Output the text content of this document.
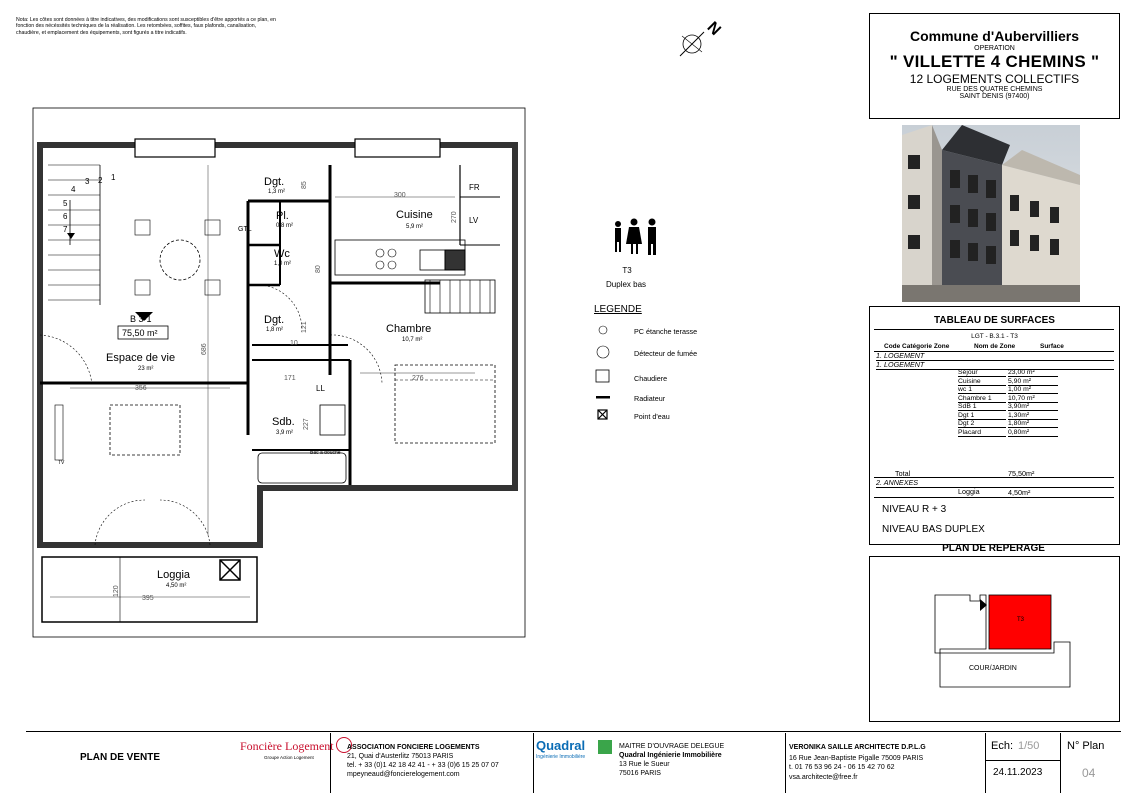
Nota: Les côtes sont données à titre indicatives, des modifications sont susceptibles d'être apportés a ce plan, en fonction des nécéssités techniques de la réalisation. Les retombées, soffites, faux plafonds, canalisation, chaudière, et emplacement des équipements, sont figurés a titre indicatifs.	N	Commune d'Aubervilliers
OPERATION
" VILLETTE 4 CHEMINS "
12 LOGEMENTS COLLECTIFS
RUE DES QUATRE CHEMINS
SAINT DENIS (97400)
B 3-1
75,50 m²
1
2
3
4
5
6
7
Dgt.
1,3 m²
Pl.
0,8 m²
Cuisine
5,9 m²
Wc
1,0 m²
Dgt.
1,8 m²	Chambre
10,7 m²
Espace de vie
23 m²
Sdb.
3,9 m²
Loggia
4,50 m²
FR
LV
LL
GTL
TV
Bac à douche
300
276
356
395
686
227
171
120
85
270
80
121
10
T3
Duplex bas
LEGENDE
PC étanche terasse
Détecteur de fumée
Chaudiere
Radiateur
Point d'eau
TABLEAU DE SURFACES
LGT - B.3.1 - T3
Code Catégorie Zone	Nom de Zone	Surface
1. LOGEMENT
1. LOGEMENT
Séjour	23,00 m²
Cuisine	5,90 m²
wc 1	1,00 m²
Chambre 1	10,70 m²
SdB 1	3,90m²
Dgt 1	1,30m²
Dgt 2	1,80m²
Placard	0,80m²
Total	75,50m²
2. ANNEXES
Loggia	4,50m²
NIVEAU R + 3
NIVEAU BAS DUPLEX
PLAN DE REPERAGE
T3
COUR/JARDIN
PLAN DE VENTE
Foncière Logement
Groupe Action Logement
ASSOCIATION FONCIERE LOGEMENTS
21, Quai d'Austerlitz 75013 PARIS
tel. + 33 (0)1 42 18 42 41 - + 33 (0)6 15 25 07 07
mpeyneaud@foncierelogement.com
Quadral
Ingénierie Immobilière
MAITRE D'OUVRAGE DELEGUE
Quadral Ingénierie Immobilière
13 Rue le Sueur
75016 PARIS
VERONIKA SAILLE ARCHITECTE D.P.L.G
16 Rue Jean-Baptiste Pigalle 75009 PARIS
t. 01 76 53 96 24 - 06 15 42 70 62
vsa.architecte@free.fr
Ech: 1/50
24.11.2023
N° Plan
04
